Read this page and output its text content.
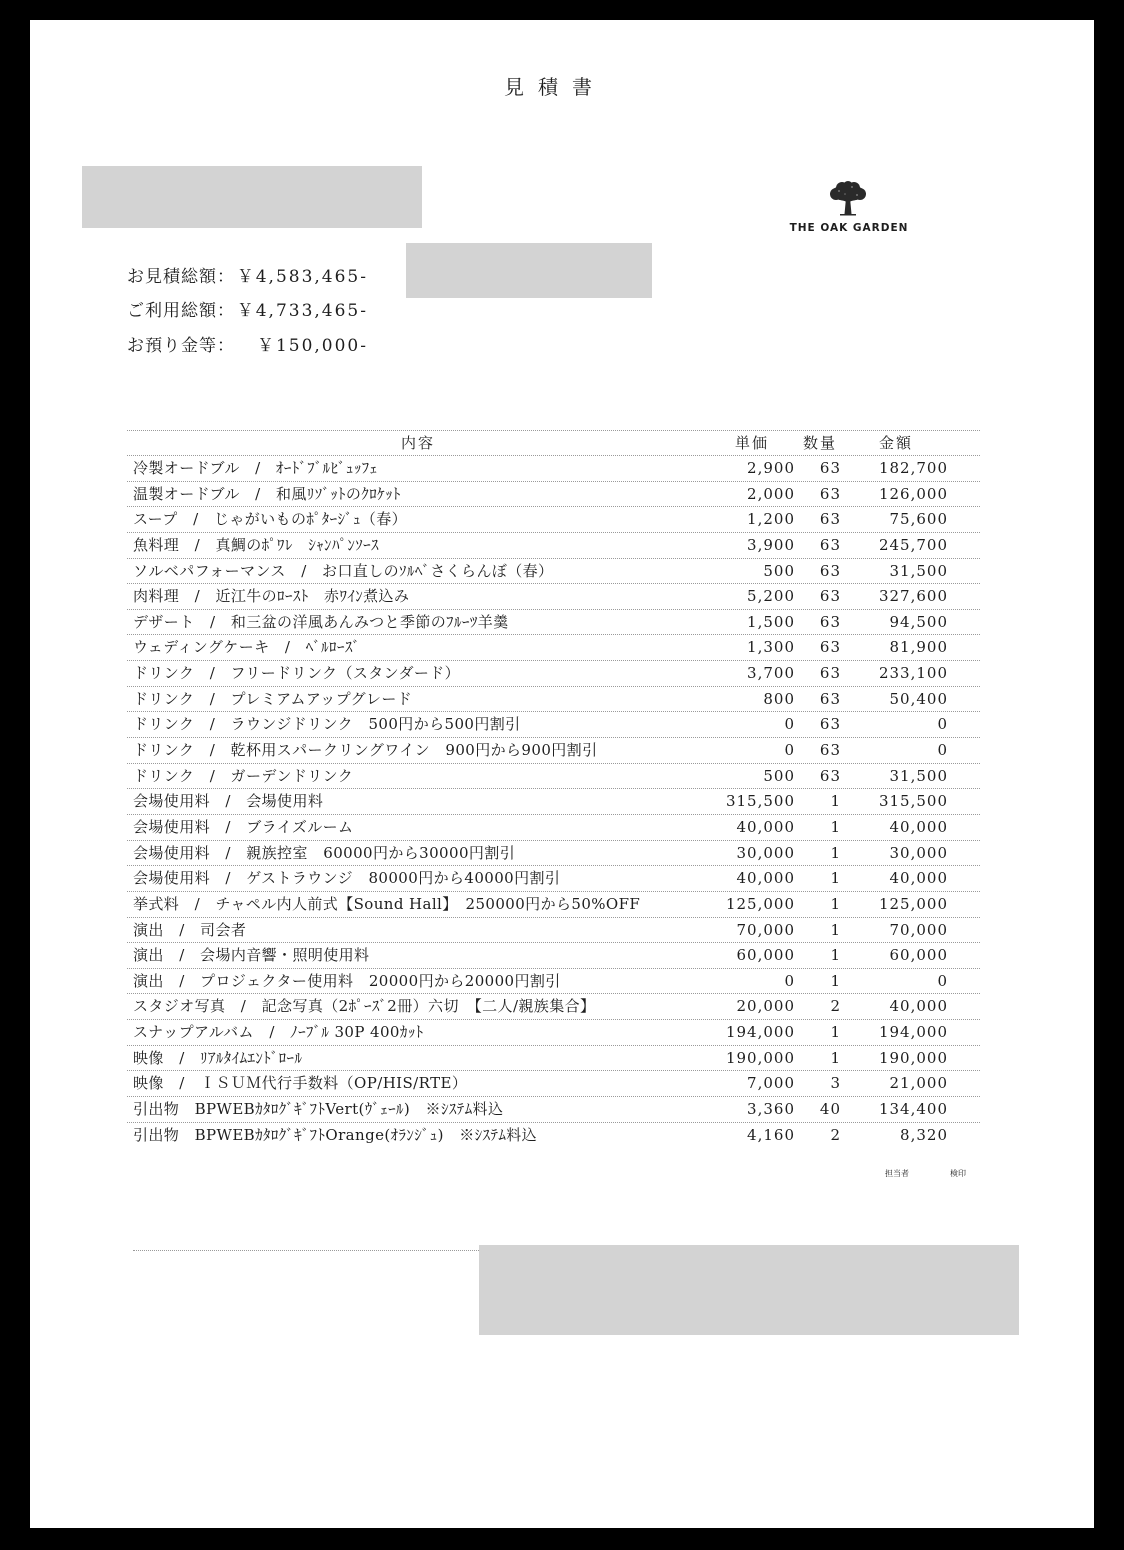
見積書
THE OAK GARDEN
お見積総額： ￥4,583,465-
ご利用総額： ￥4,733,465-
お預り金等： ￥150,000-
内容	単価	数量	金額
冷製オードブル　/　ｵｰﾄﾞﾌﾞﾙﾋﾞｭｯﾌｪ	2,900	63	182,700
温製オードブル　/　和風ﾘｿﾞｯﾄのｸﾛｹｯﾄ	2,000	63	126,000
スープ　/　じゃがいものﾎﾟﾀｰｼﾞｭ（春）	1,200	63	75,600
魚料理　/　真鯛のﾎﾟﾜﾚ　ｼｬﾝﾊﾟﾝｿｰｽ	3,900	63	245,700
ソルベパフォーマンス　/　お口直しのｿﾙﾍﾞさくらんぼ（春）	500	63	31,500
肉料理　/　近江牛のﾛｰｽﾄ　赤ﾜｲﾝ煮込み	5,200	63	327,600
デザート　/　和三盆の洋風あんみつと季節のﾌﾙｰﾂ羊羹	1,500	63	94,500
ウェディングケーキ　/　ﾍﾞﾙﾛｰｽﾞ	1,300	63	81,900
ドリンク　/　フリードリンク（スタンダード）	3,700	63	233,100
ドリンク　/　プレミアムアップグレード	800	63	50,400
ドリンク　/　ラウンジドリンク　500円から500円割引	0	63	0
ドリンク　/　乾杯用スパークリングワイン　900円から900円割引	0	63	0
ドリンク　/　ガーデンドリンク	500	63	31,500
会場使用料　/　会場使用料	315,500	1	315,500
会場使用料　/　ブライズルーム	40,000	1	40,000
会場使用料　/　親族控室　60000円から30000円割引	30,000	1	30,000
会場使用料　/　ゲストラウンジ　80000円から40000円割引	40,000	1	40,000
挙式料　/　チャペル内人前式【Sound Hall】　250000円から50%OFF	125,000	1	125,000
演出　/　司会者	70,000	1	70,000
演出　/　会場内音響・照明使用料	60,000	1	60,000
演出　/　プロジェクター使用料　20000円から20000円割引	0	1	0
スタジオ写真　/　記念写真（2ﾎﾟｰｽﾞ2冊）六切　【二人/親族集合】	20,000	2	40,000
スナップアルバム　/　ﾉｰﾌﾞﾙ 30P 400ｶｯﾄ	194,000	1	194,000
映像　/　ﾘｱﾙﾀｲﾑｴﾝﾄﾞﾛｰﾙ	190,000	1	190,000
映像　/　ＩＳＵＭ代行手数料（OP/HIS/RTE）	7,000	3	21,000
引出物　BPWEBｶﾀﾛｸﾞｷﾞﾌﾄVert(ｳﾞｪｰﾙ)　※ｼｽﾃﾑ料込	3,360	40	134,400
引出物　BPWEBｶﾀﾛｸﾞｷﾞﾌﾄOrange(ｵﾗﾝｼﾞｭ)　※ｼｽﾃﾑ料込	4,160	2	8,320
担当者	検印
